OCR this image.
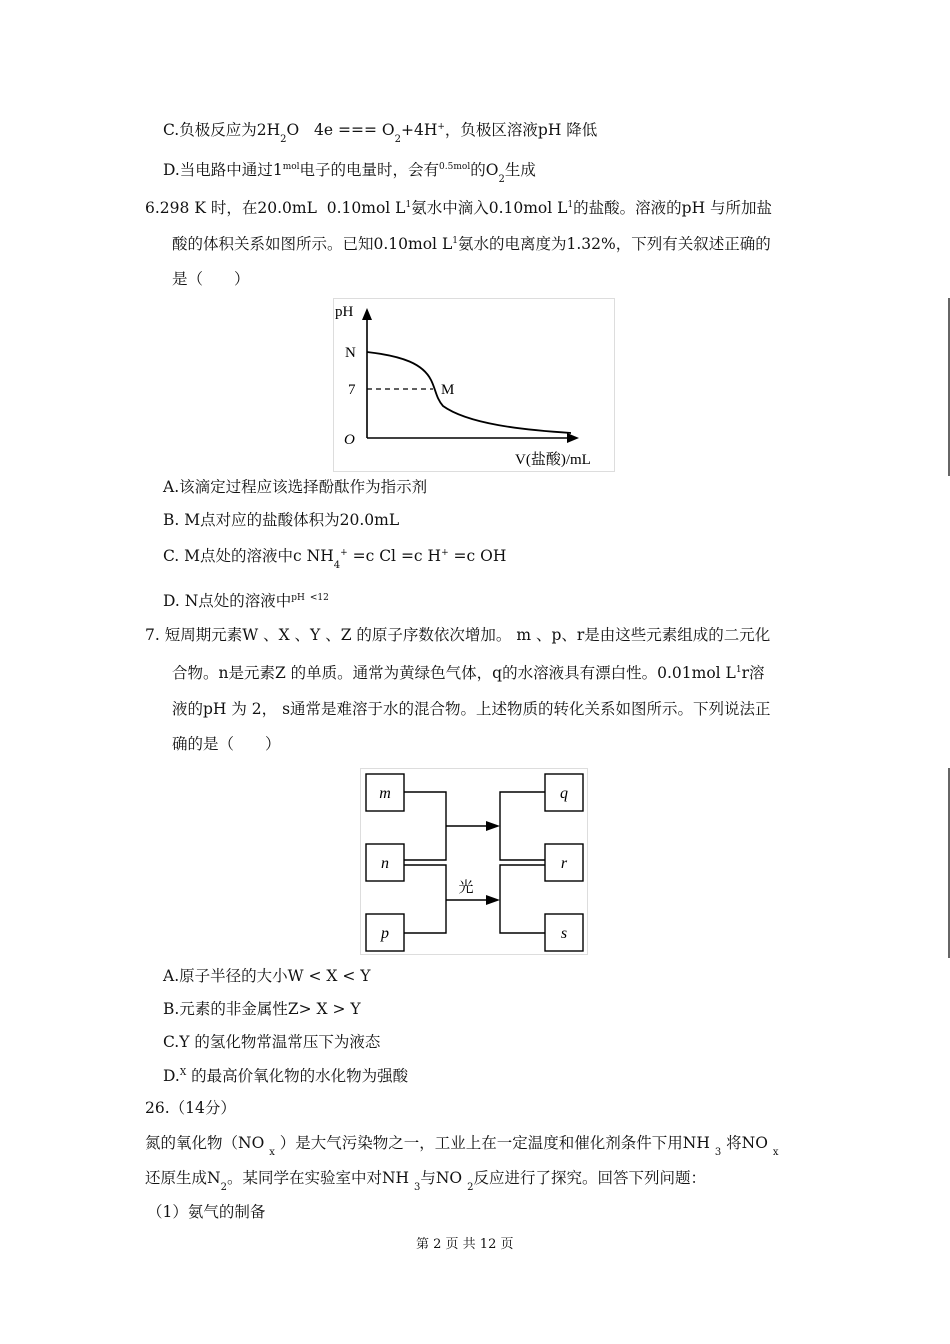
C.负极反应为$2H_2O$ 4e === $O_2+4H^+$，负极区溶液pH 降低
D.当电路中通过$1^{mol}$电子的电量时，会有$^{0.5mol}$的$O_2$生成
6.298 K 时，在20.0mL 0.10mol $L^1$氨水中滴入0.10mol $L^1$的盐酸。溶液的pH 与所加盐
酸的体积关系如图所示。已知0.10mol $L^1$氨水的电离度为1.32%，下列有关叙述正确的
是（　　）
pH
N
7
O
M
V(盐酸)/mL
A.该滴定过程应该选择酚酞作为指示剂
B. M点对应的盐酸体积为20.0mL
C. M点处的溶液中c $NH_4^+ =c$ Cl =c H+ =c OH
D. N点处的溶液中$^{pH}$ $^{<12}$
7. 短周期元素W 、X 、Y 、Z 的原子序数依次增加。 m 、p、r是由这些元素组成的二元化
合物。n是元素Z 的单质。通常为黄绿色气体，q的水溶液具有漂白性。0.01mol $L^1r$溶
液的pH 为 2， s通常是难溶于水的混合物。上述物质的转化关系如图所示。下列说法正
确的是（　　）
m
n
p
q
r
s
光
A.原子半径的大小W < X < Y
B.元素的非金属性Z> X > Y
C.Y 的氢化物常温常压下为液态
D.$^X$ 的最高价氧化物的水化物为强酸
26.（14分）
氮的氧化物（NO $_x$ ）是大气污染物之一，工业上在一定温度和催化剂条件下用NH $_3$ 将NO $_x$
还原生成$N_2$。某同学在实验室中对NH $_3$与NO $_2$反应进行了探究。回答下列问题：
（1）氨气的制备
第 2 页 共 12 页
